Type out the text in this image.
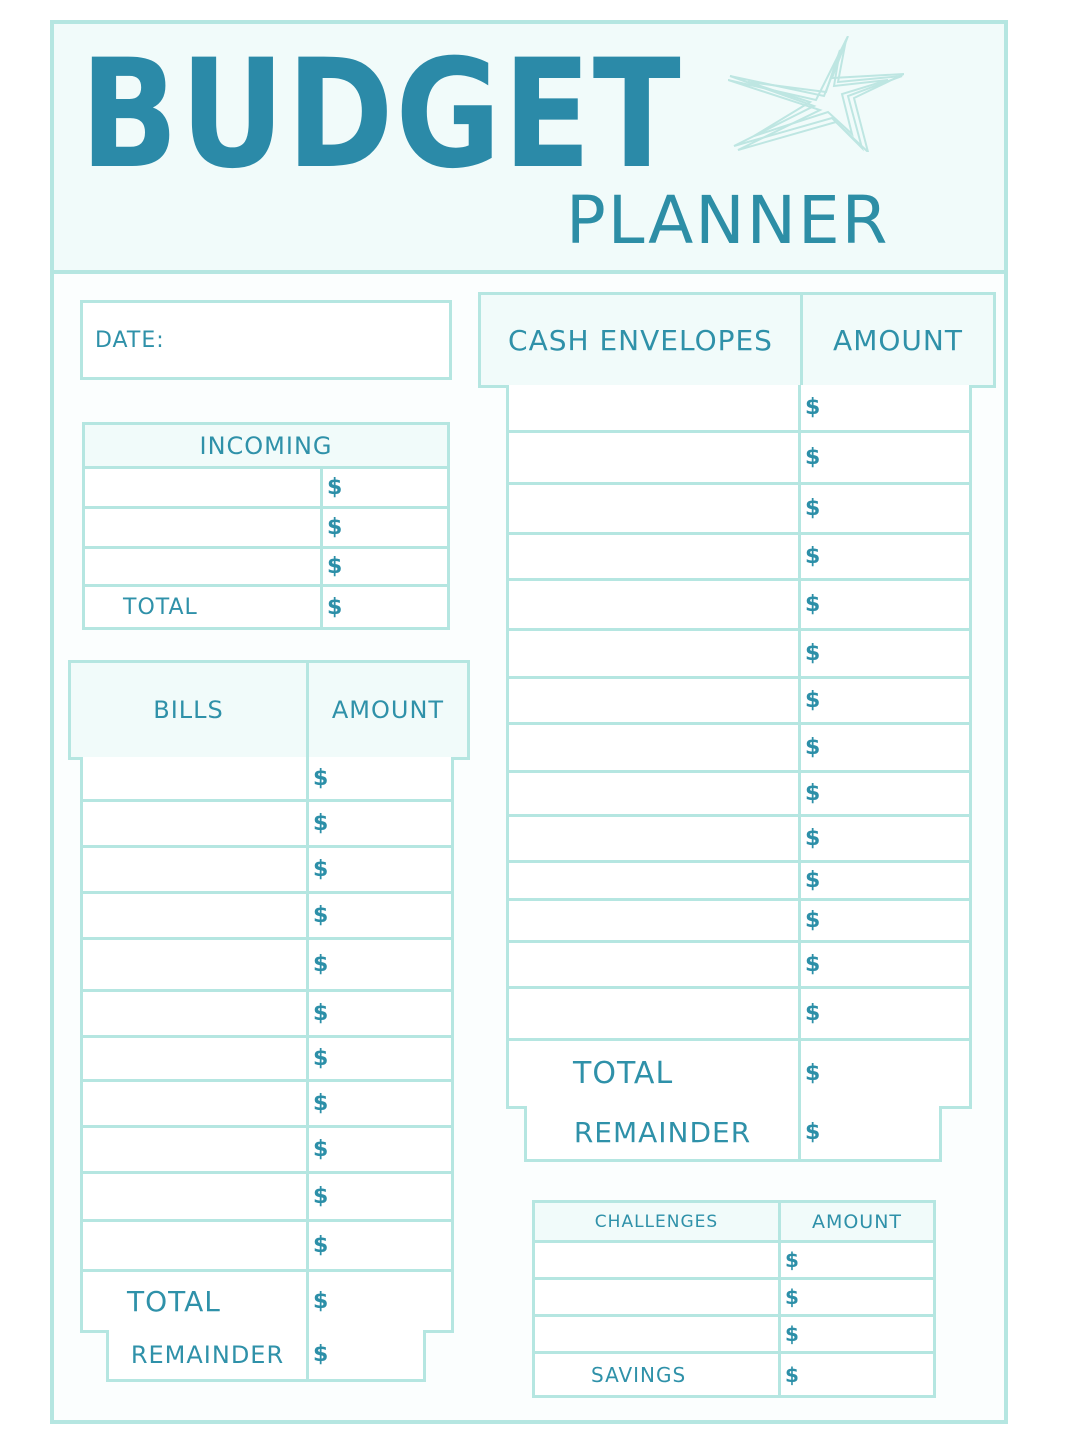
BUDGET
PLANNER
DATE:
INCOMING
$
$
$
TOTAL	$
BILLS	AMOUNT
$
$
$
$
$
$
$
$
$
$
$
TOTAL	$
REMAINDER $
CASH ENVELOPES AMOUNT
$
$
$
$
$
$
$
$
$
$
$
$
$
$
TOTAL	$
REMAINDER $
CHALLENGES	AMOUNT
$
$
$
SAVINGS	$
